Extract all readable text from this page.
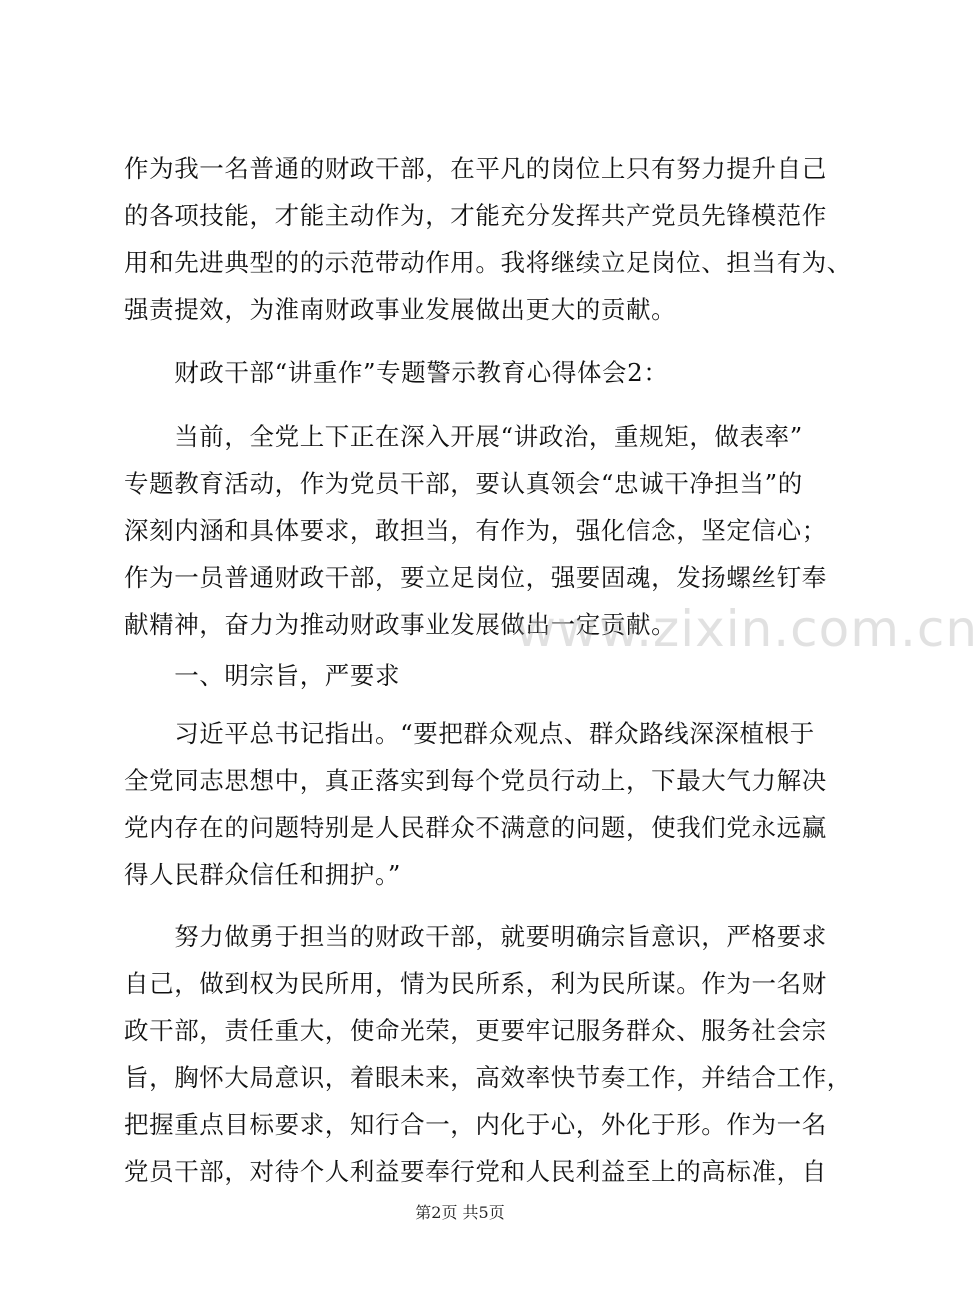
作为我一名普通的财政干部，在平凡的岗位上只有努力提升自己
的各项技能，才能主动作为，才能充分发挥共产党员先锋模范作
用和先进典型的的示范带动作用。我将继续立足岗位、担当有为、
强责提效，为淮南财政事业发展做出更大的贡献。
　　财政干部“讲重作”专题警示教育心得体会2：
　　当前，全党上下正在深入开展“讲政治，重规矩，做表率”
专题教育活动，作为党员干部，要认真领会“忠诚干净担当”的
深刻内涵和具体要求，敢担当，有作为，强化信念，坚定信心；
作为一员普通财政干部，要立足岗位，强要固魂，发扬螺丝钉奉
献精神，奋力为推动财政事业发展做出一定贡献。
　　一、明宗旨，严要求
　　习近平总书记指出。“要把群众观点、群众路线深深植根于
全党同志思想中，真正落实到每个党员行动上，下最大气力解决
党内存在的问题特别是人民群众不满意的问题，使我们党永远赢
得人民群众信任和拥护。”
　　努力做勇于担当的财政干部，就要明确宗旨意识，严格要求
自己，做到权为民所用，情为民所系，利为民所谋。作为一名财
政干部，责任重大，使命光荣，更要牢记服务群众、服务社会宗
旨，胸怀大局意识，着眼未来，高效率快节奏工作，并结合工作，
把握重点目标要求，知行合一，内化于心，外化于形。作为一名
党员干部，对待个人利益要奉行党和人民利益至上的高标准，自
www.zixin.com.cn
第2页 共5页
